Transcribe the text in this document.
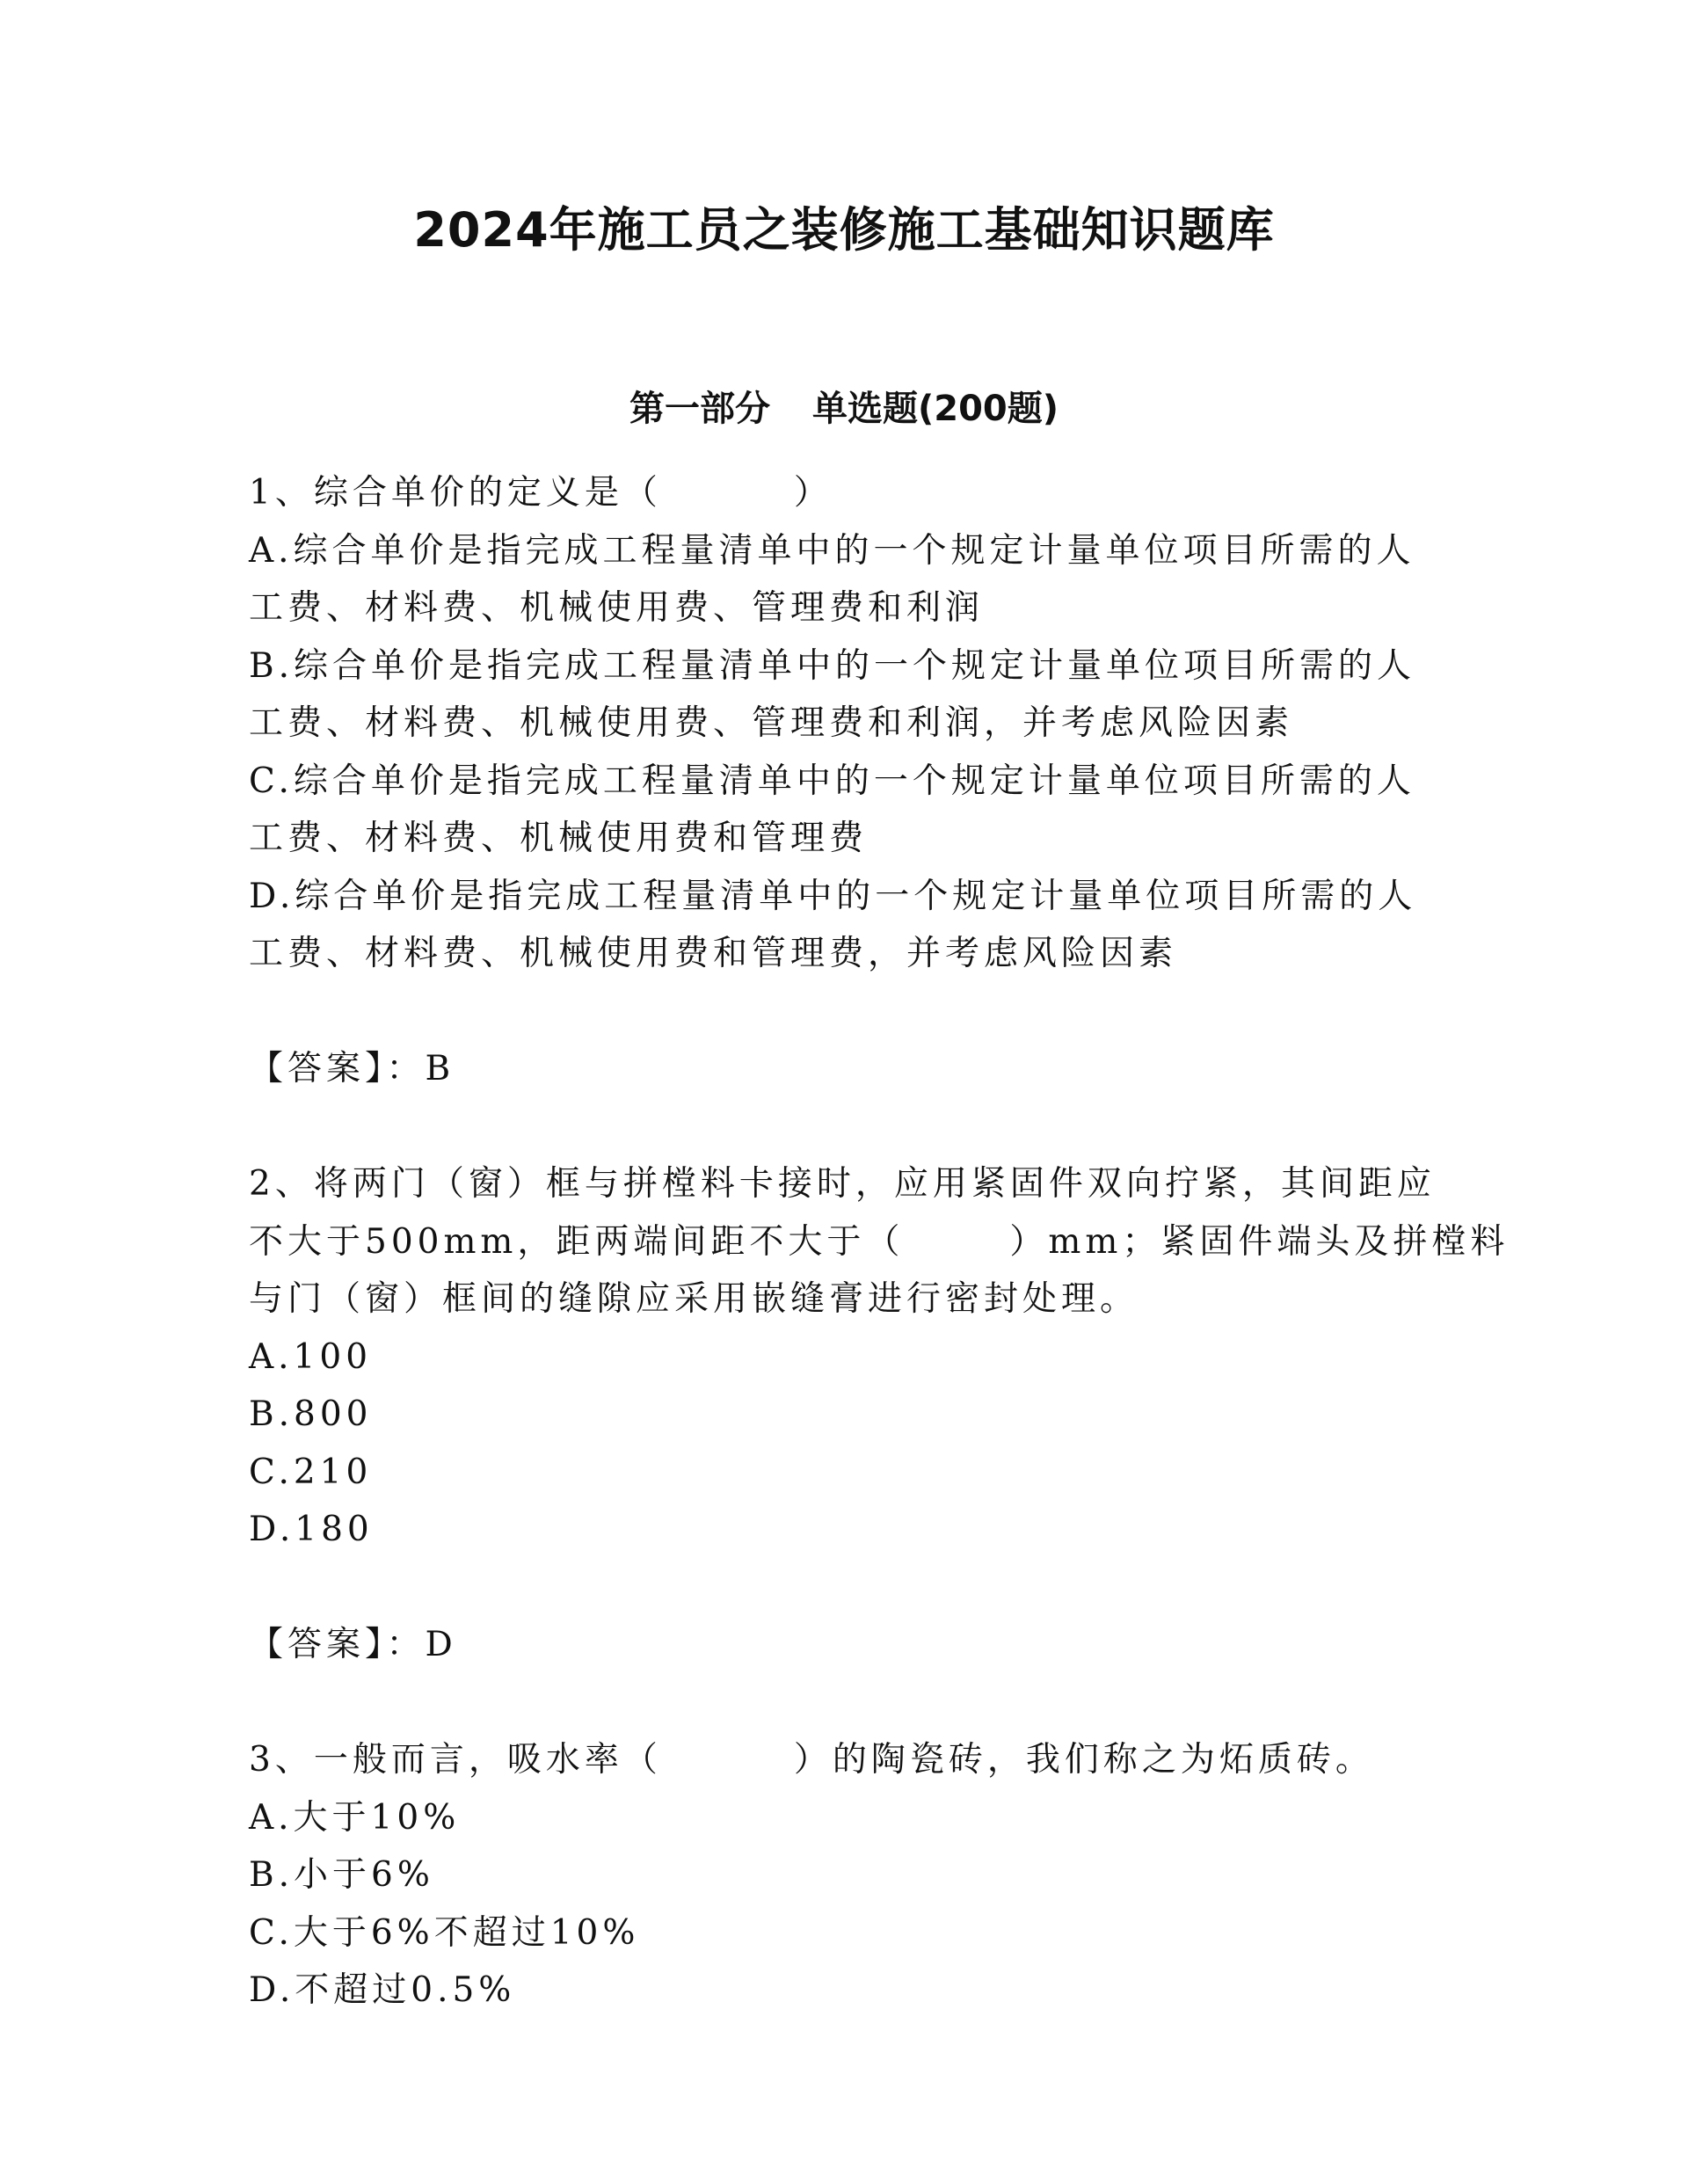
2024年施工员之装修施工基础知识题库
第一部分 单选题(200题)
1、综合单价的定义是（	）
A.综合单价是指完成工程量清单中的一个规定计量单位项目所需的人
工费、材料费、机械使用费、管理费和利润
B.综合单价是指完成工程量清单中的一个规定计量单位项目所需的人
工费、材料费、机械使用费、管理费和利润，并考虑风险因素
C.综合单价是指完成工程量清单中的一个规定计量单位项目所需的人
工费、材料费、机械使用费和管理费
D.综合单价是指完成工程量清单中的一个规定计量单位项目所需的人
工费、材料费、机械使用费和管理费，并考虑风险因素
【答案】：B
2、将两门（窗）框与拼樘料卡接时，应用紧固件双向拧紧，其间距应
不大于500mm，距两端间距不大于（	）mm；紧固件端头及拼樘料
与门（窗）框间的缝隙应采用嵌缝膏进行密封处理。
A.100
B.800
C.210
D.180
【答案】：D
3、一般而言，吸水率（	）的陶瓷砖，我们称之为炻质砖。
A.大于10%
B.小于6%
C.大于6%不超过10%
D.不超过0.5%
